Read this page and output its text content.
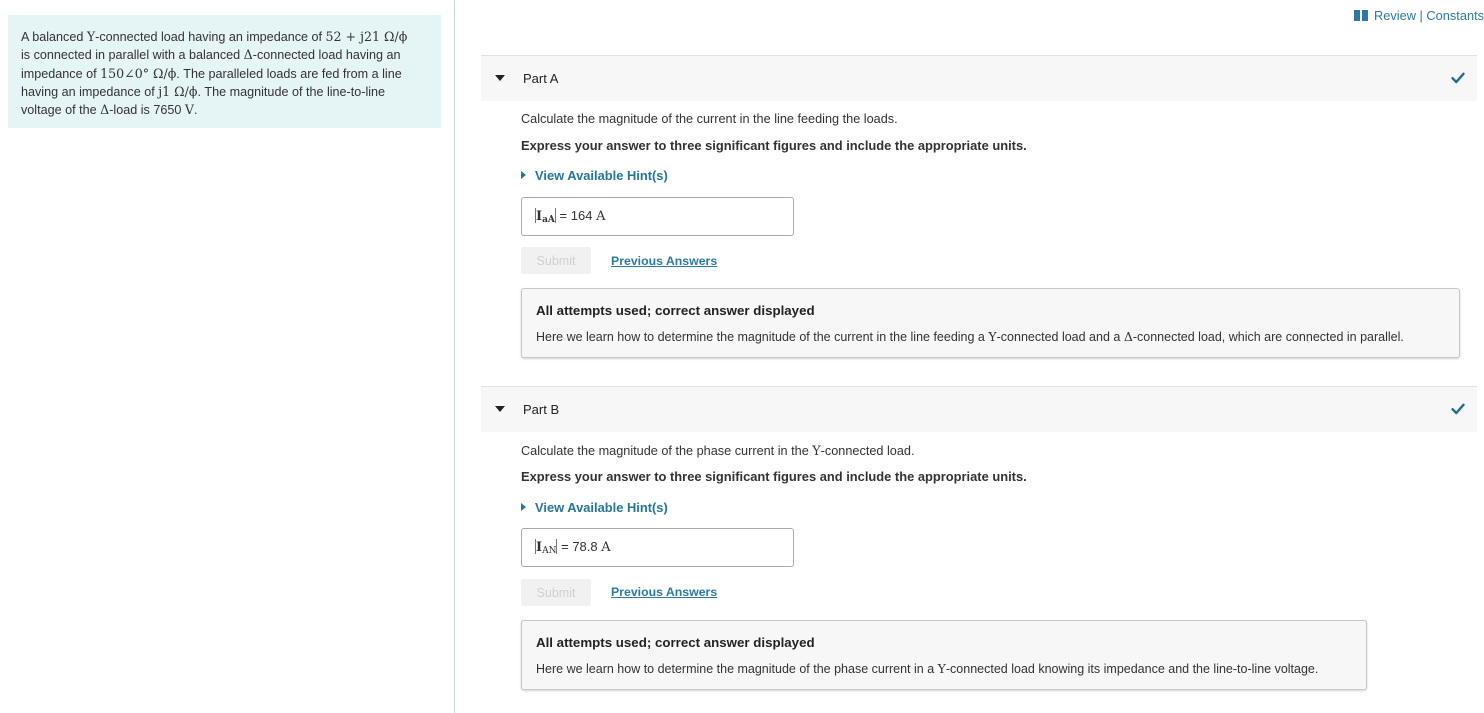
A balanced Y-connected load having an impedance of 52 + j21 Ω/ϕ
is connected in parallel with a balanced Δ-connected load having an
impedance of 150∠0° Ω/ϕ. The paralleled loads are fed from a line
having an impedance of j1 Ω/ϕ. The magnitude of the line-to-line
voltage of the Δ-load is 7650 V.
Review | Constants
Part A
Calculate the magnitude of the current in the line feeding the loads.
Express your answer to three significant figures and include the appropriate units.
View Available Hint(s)
IaA = 164 A
Submit	Previous Answers
All attempts used; correct answer displayed
Here we learn how to determine the magnitude of the current in the line feeding a Y-connected load and a Δ-connected load, which are connected in parallel.
Part B
Calculate the magnitude of the phase current in the Y-connected load.
Express your answer to three significant figures and include the appropriate units.
View Available Hint(s)
IAN = 78.8 A
Submit	Previous Answers
All attempts used; correct answer displayed
Here we learn how to determine the magnitude of the phase current in a Y-connected load knowing its impedance and the line-to-line voltage.
